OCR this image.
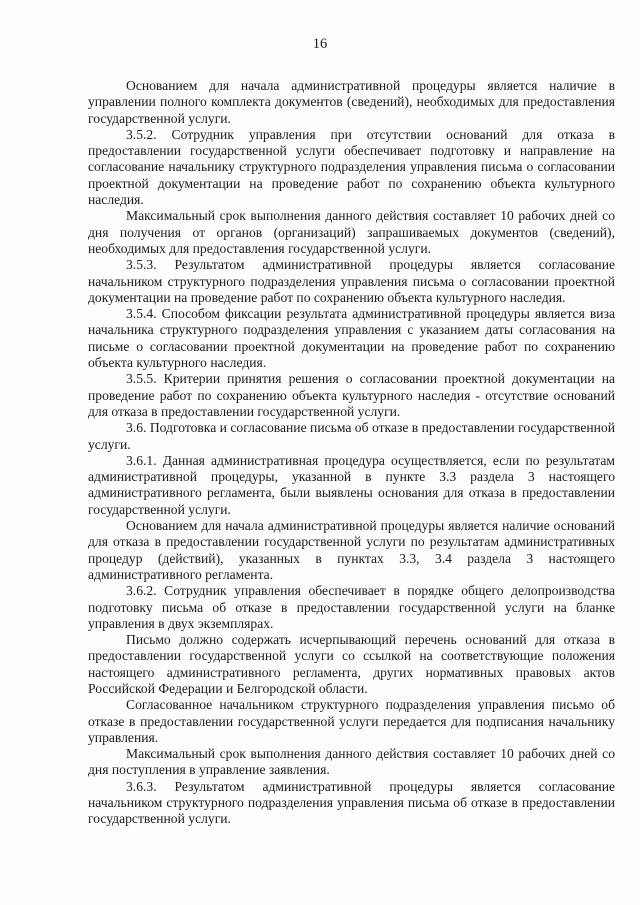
16

Основанием для начала административной процедуры является наличие в управлении полного комплекта документов (сведений), необходимых для предоставления государственной услуги.

3.5.2. Сотрудник управления при отсутствии оснований для отказа в предоставлении государственной услуги обеспечивает подготовку и направление на согласование начальнику структурного подразделения управления письма о согласовании проектной документации на проведение работ по сохранению объекта культурного наследия.

Максимальный срок выполнения данного действия составляет 10 рабочих дней со дня получения от органов (организаций) запрашиваемых документов (сведений), необходимых для предоставления государственной услуги.

3.5.3. Результатом административной процедуры является согласование начальником структурного подразделения управления письма о согласовании проектной документации на проведение работ по сохранению объекта культурного наследия.

3.5.4. Способом фиксации результата административной процедуры является виза начальника структурного подразделения управления с указанием даты согласования на письме о согласовании проектной документации на проведение работ по сохранению объекта культурного наследия.

3.5.5. Критерии принятия решения о согласовании проектной документации на проведение работ по сохранению объекта культурного наследия - отсутствие оснований для отказа в предоставлении государственной услуги.

3.6. Подготовка и согласование письма об отказе в предоставлении государственной услуги.

3.6.1. Данная административная процедура осуществляется, если по результатам административной процедуры, указанной в пункте 3.3 раздела 3 настоящего административного регламента, были выявлены основания для отказа в предоставлении государственной услуги.

Основанием для начала административной процедуры является наличие оснований для отказа в предоставлении государственной услуги по результатам административных процедур (действий), указанных в пунктах 3.3, 3.4 раздела 3 настоящего административного регламента.

3.6.2. Сотрудник управления обеспечивает в порядке общего делопроизводства подготовку письма об отказе в предоставлении государственной услуги на бланке управления в двух экземплярах.

Письмо должно содержать исчерпывающий перечень оснований для отказа в предоставлении государственной услуги со ссылкой на соответствующие положения настоящего административного регламента, других нормативных правовых актов Российской Федерации и Белгородской области.

Согласованное начальником структурного подразделения управления письмо об отказе в предоставлении государственной услуги передается для подписания начальнику управления.

Максимальный срок выполнения данного действия составляет 10 рабочих дней со дня поступления в управление заявления.

3.6.3. Результатом административной процедуры является согласование начальником структурного подразделения управления письма об отказе в предоставлении государственной услуги.
